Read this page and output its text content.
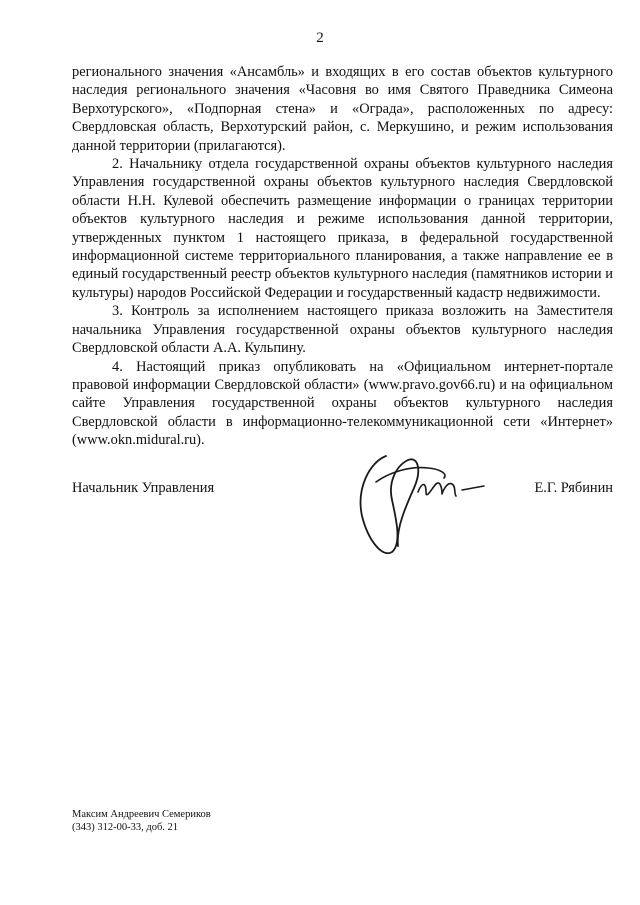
2

регионального значения «Ансамбль» и входящих в его состав объектов культурного наследия регионального значения «Часовня во имя Святого Праведника Симеона Верхотурского», «Подпорная стена» и «Ограда», расположенных по адресу: Свердловская область, Верхотурский район, с. Меркушино, и режим использования данной территории (прилагаются).

2. Начальнику отдела государственной охраны объектов культурного наследия Управления государственной охраны объектов культурного наследия Свердловской области Н.Н. Кулевой обеспечить размещение информации о границах территории объектов культурного наследия и режиме использования данной территории, утвержденных пунктом 1 настоящего приказа, в федеральной государственной информационной системе территориального планирования, а также направление ее в единый государственный реестр объектов культурного наследия (памятников истории и культуры) народов Российской Федерации и государственный кадастр недвижимости.

3. Контроль за исполнением настоящего приказа возложить на Заместителя начальника Управления государственной охраны объектов культурного наследия Свердловской области А.А. Кульпину.

4. Настоящий приказ опубликовать на «Официальном интернет-портале правовой информации Свердловской области» (www.pravo.gov66.ru) и на официальном сайте Управления государственной охраны объектов культурного наследия Свердловской области в информационно-телекоммуникационной сети «Интернет» (www.okn.midural.ru).

Начальник Управления	Е.Г. Рябинин
Максим Андреевич Семериков
(343) 312-00-33, доб. 21
